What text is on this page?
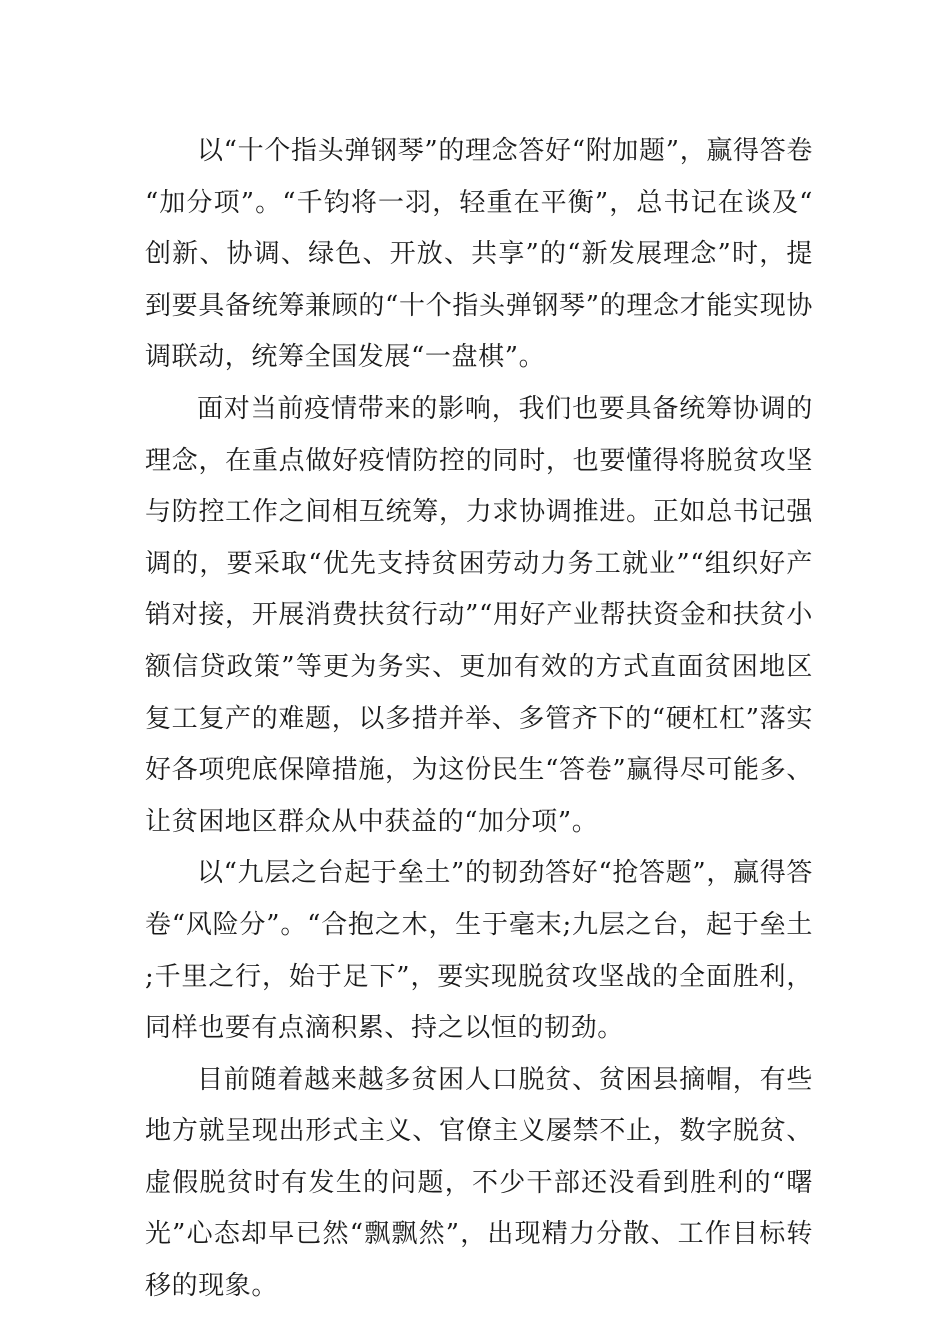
以“十个指头弹钢琴”的理念答好“附加题”，赢得答卷“加分项”。“千钧将一羽，轻重在平衡”，总书记在谈及“创新、协调、绿色、开放、共享”的“新发展理念”时，提到要具备统筹兼顾的“十个指头弹钢琴”的理念才能实现协调联动，统筹全国发展“一盘棋”。

面对当前疫情带来的影响，我们也要具备统筹协调的理念，在重点做好疫情防控的同时，也要懂得将脱贫攻坚与防控工作之间相互统筹，力求协调推进。正如总书记强调的，要采取“优先支持贫困劳动力务工就业”“组织好产销对接，开展消费扶贫行动”“用好产业帮扶资金和扶贫小额信贷政策”等更为务实、更加有效的方式直面贫困地区复工复产的难题，以多措并举、多管齐下的“硬杠杠”落实好各项兜底保障措施，为这份民生“答卷”赢得尽可能多、让贫困地区群众从中获益的“加分项”。

以“九层之台起于垒土”的韧劲答好“抢答题”，赢得答卷“风险分”。“合抱之木，生于毫末;九层之台，起于垒土;千里之行，始于足下”，要实现脱贫攻坚战的全面胜利，同样也要有点滴积累、持之以恒的韧劲。

目前随着越来越多贫困人口脱贫、贫困县摘帽，有些地方就呈现出形式主义、官僚主义屡禁不止，数字脱贫、虚假脱贫时有发生的问题，不少干部还没看到胜利的“曙光”心态却早已然“飘飘然”，出现精力分散、工作目标转移的现象。
